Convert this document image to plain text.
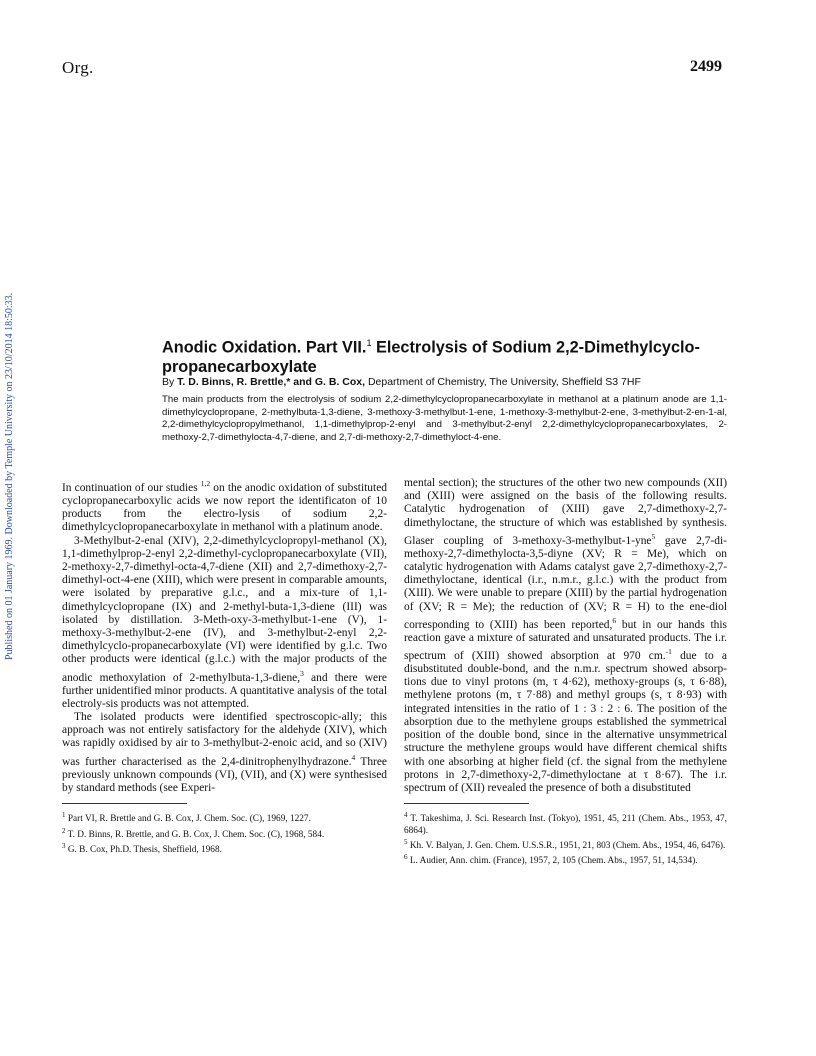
Org.	2499
Published on 01 January 1969. Downloaded by Temple University on 23/10/2014 18:50:33.	Anodic Oxidation. Part VII.$^1$ Electrolysis of Sodium 2,2-Dimethylcyclo-propanecarboxylate
By T. D. Binns, R. Brettle,* and G. B. Cox, Department of Chemistry, The University, Sheffield S3 7HF
The main products from the electrolysis of sodium 2,2-dimethylcyclopropanecarboxylate in methanol at a platinum anode are 1,1-dimethylcyclopropane, 2-methylbuta-1,3-diene, 3-methoxy-3-methylbut-1-ene, 1-methoxy-3-methylbut-2-ene, 3-methylbut-2-en-1-al, 2,2-dimethylcyclopropylmethanol, 1,1-dimethylprop-2-enyl and 3-methylbut-2-enyl 2,2-dimethylcyclopropanecarboxylates, 2-methoxy-2,7-dimethylocta-4,7-diene, and 2,7-di-methoxy-2,7-dimethyloct-4-ene.

In continuation of our studies $^{1,2}$ on the anodic oxidation of substituted cyclopropanecarboxylic acids we now report the identificaton of 10 products from the electro-lysis of sodium 2,2-dimethylcyclopropanecarboxylate in methanol with a platinum anode.

3-Methylbut-2-enal (XIV), 2,2-dimethylcyclopropyl-methanol (X), 1,1-dimethylprop-2-enyl 2,2-dimethyl-cyclopropanecarboxylate (VII), 2-methoxy-2,7-dimethyl-octa-4,7-diene (XII) and 2,7-dimethoxy-2,7-dimethyl-oct-4-ene (XIII), which were present in comparable amounts, were isolated by preparative g.l.c., and a mix-ture of 1,1-dimethylcyclopropane (IX) and 2-methyl-buta-1,3-diene (III) was isolated by distillation. 3-Meth-oxy-3-methylbut-1-ene (V), 1-methoxy-3-methylbut-2-ene (IV), and 3-methylbut-2-enyl 2,2-dimethylcyclo-propanecarboxylate (VI) were identified by g.l.c. Two other products were identical (g.l.c.) with the major products of the anodic methoxylation of 2-methylbuta-1,3-diene,$^3$ and there were further unidentified minor products. A quantitative analysis of the total electroly-sis products was not attempted.

The isolated products were identified spectroscopic-ally; this approach was not entirely satisfactory for the aldehyde (XIV), which was rapidly oxidised by air to 3-methylbut-2-enoic acid, and so (XIV) was further characterised as the 2,4-dinitrophenylhydrazone.$^4$ Three previously unknown compounds (VI), (VII), and (X) were synthesised by standard methods (see Experi-

$^1$ Part VI, R. Brettle and G. B. Cox, J. Chem. Soc. (C), 1969, 1227.

$^2$ T. D. Binns, R. Brettle, and G. B. Cox, J. Chem. Soc. (C), 1968, 584.

$^3$ G. B. Cox, Ph.D. Thesis, Sheffield, 1968.

mental section); the structures of the other two new compounds (XII) and (XIII) were assigned on the basis of the following results. Catalytic hydrogenation of (XIII) gave 2,7-dimethoxy-2,7-dimethyloctane, the structure of which was established by synthesis. Glaser coupling of 3-methoxy-3-methylbut-1-yne$^5$ gave 2,7-di-methoxy-2,7-dimethylocta-3,5-diyne (XV; R = Me), which on catalytic hydrogenation with Adams catalyst gave 2,7-dimethoxy-2,7-dimethyloctane, identical (i.r., n.m.r., g.l.c.) with the product from (XIII). We were unable to prepare (XIII) by the partial hydrogenation of (XV; R = Me); the reduction of (XV; R = H) to the ene-diol corresponding to (XIII) has been reported,$^6$ but in our hands this reaction gave a mixture of saturated and unsaturated products. The i.r. spectrum of (XIII) showed absorption at 970 cm.$^{-1}$ due to a disubstituted double-bond, and the n.m.r. spectrum showed absorp-tions due to vinyl protons (m, τ 4·62), methoxy-groups (s, τ 6·88), methylene protons (m, τ 7·88) and methyl groups (s, τ 8·93) with integrated intensities in the ratio of 1 : 3 : 2 : 6. The position of the absorption due to the methylene groups established the symmetrical position of the double bond, since in the alternative unsymmetrical structure the methylene groups would have different chemical shifts with one absorbing at higher field (cf. the signal from the methylene protons in 2,7-dimethoxy-2,7-dimethyloctane at τ 8·67). The i.r. spectrum of (XII) revealed the presence of both a disubstituted

$^4$ T. Takeshima, J. Sci. Research Inst. (Tokyo), 1951, 45, 211 (Chem. Abs., 1953, 47, 6864).

$^5$ Kh. V. Balyan, J. Gen. Chem. U.S.S.R., 1951, 21, 803 (Chem. Abs., 1954, 46, 6476).

$^6$ L. Audier, Ann. chim. (France), 1957, 2, 105 (Chem. Abs., 1957, 51, 14,534).
